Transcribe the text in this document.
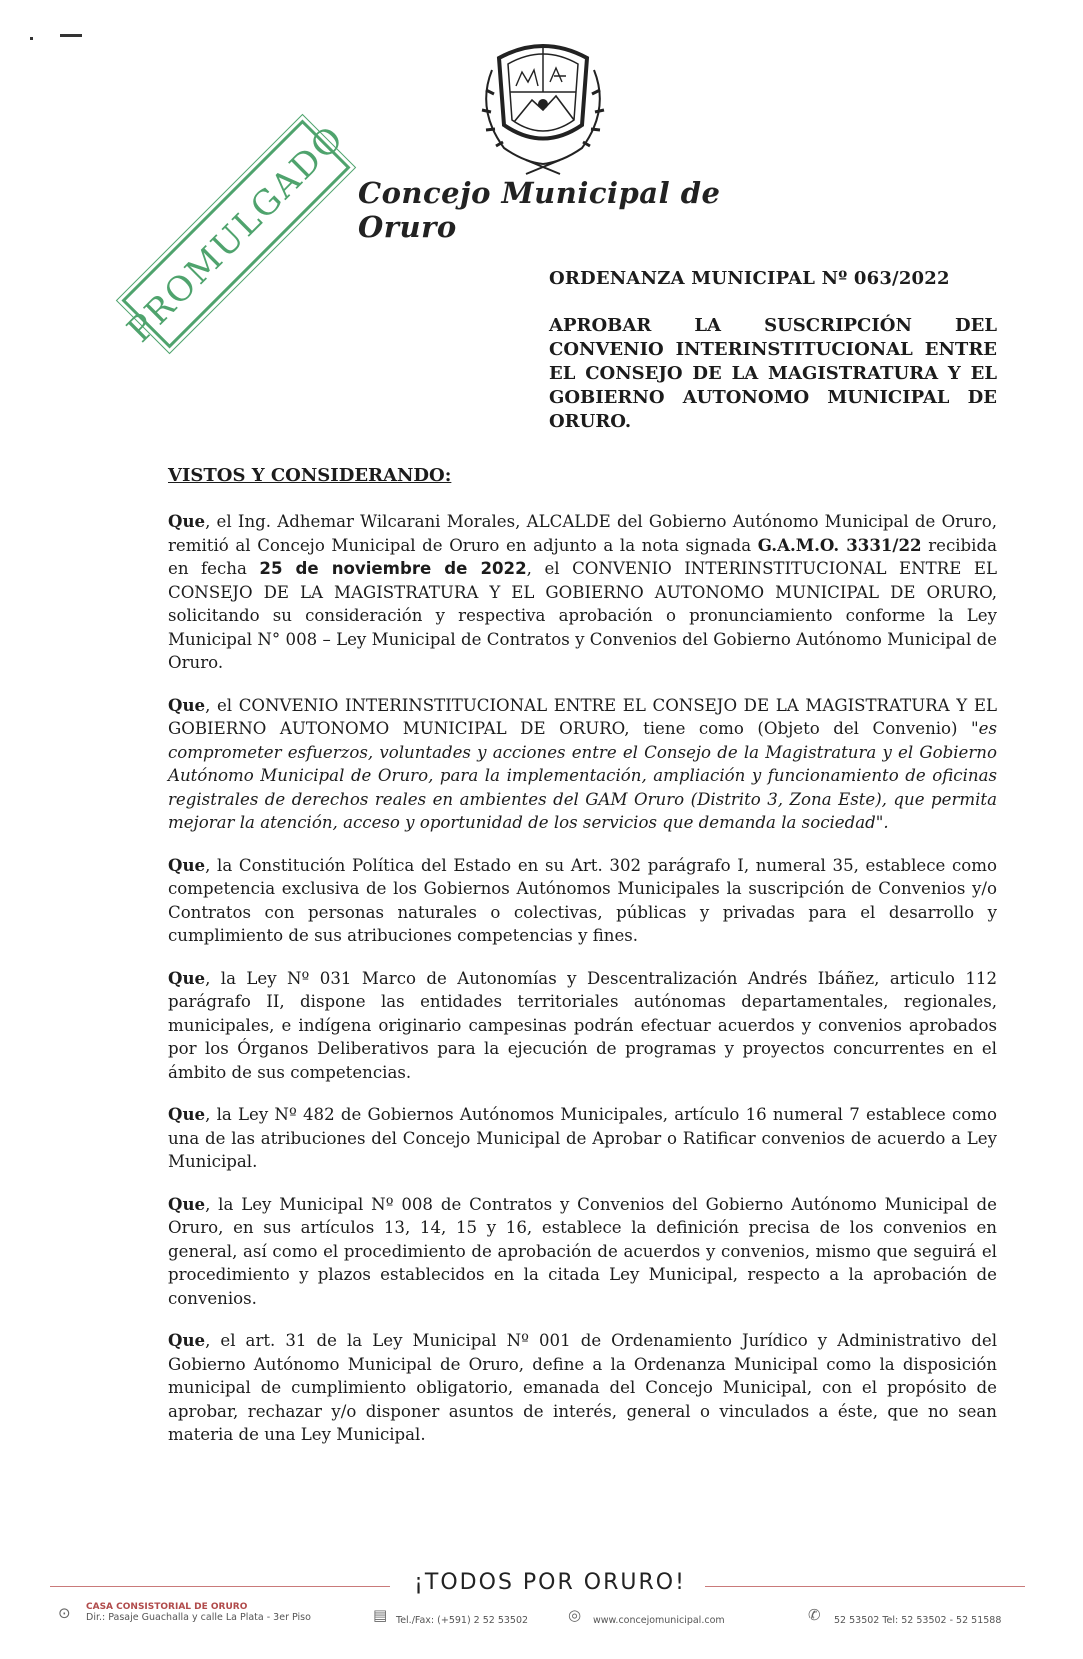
Concejo Municipal de Oruro
PROMULGADO	ORDENANZA MUNICIPAL Nº 063/2022
APROBAR LA SUSCRIPCIÓN DEL CONVENIO INTERINSTITUCIONAL ENTRE EL CONSEJO DE LA MAGISTRATURA Y EL GOBIERNO AUTONOMO MUNICIPAL DE ORURO.
VISTOS Y CONSIDERANDO:

Que, el Ing. Adhemar Wilcarani Morales, ALCALDE del Gobierno Autónomo Municipal de Oruro, remitió al Concejo Municipal de Oruro en adjunto a la nota signada G.A.M.O. 3331/22 recibida en fecha 25 de noviembre de 2022, el CONVENIO INTERINSTITUCIONAL ENTRE EL CONSEJO DE LA MAGISTRATURA Y EL GOBIERNO AUTONOMO MUNICIPAL DE ORURO, solicitando su consideración y respectiva aprobación o pronunciamiento conforme la Ley Municipal N° 008 – Ley Municipal de Contratos y Convenios del Gobierno Autónomo Municipal de Oruro.

Que, el CONVENIO INTERINSTITUCIONAL ENTRE EL CONSEJO DE LA MAGISTRATURA Y EL GOBIERNO AUTONOMO MUNICIPAL DE ORURO, tiene como (Objeto del Convenio) "es comprometer esfuerzos, voluntades y acciones entre el Consejo de la Magistratura y el Gobierno Autónomo Municipal de Oruro, para la implementación, ampliación y funcionamiento de oficinas registrales de derechos reales en ambientes del GAM Oruro (Distrito 3, Zona Este), que permita mejorar la atención, acceso y oportunidad de los servicios que demanda la sociedad".

Que, la Constitución Política del Estado en su Art. 302 parágrafo I, numeral 35, establece como competencia exclusiva de los Gobiernos Autónomos Municipales la suscripción de Convenios y/o Contratos con personas naturales o colectivas, públicas y privadas para el desarrollo y cumplimiento de sus atribuciones competencias y fines.

Que, la Ley Nº 031 Marco de Autonomías y Descentralización Andrés Ibáñez, articulo 112 parágrafo II, dispone las entidades territoriales autónomas departamentales, regionales, municipales, e indígena originario campesinas podrán efectuar acuerdos y convenios aprobados por los Órganos Deliberativos para la ejecución de programas y proyectos concurrentes en el ámbito de sus competencias.

Que, la Ley Nº 482 de Gobiernos Autónomos Municipales, artículo 16 numeral 7 establece como una de las atribuciones del Concejo Municipal de Aprobar o Ratificar convenios de acuerdo a Ley Municipal.

Que, la Ley Municipal Nº 008 de Contratos y Convenios del Gobierno Autónomo Municipal de Oruro, en sus artículos 13, 14, 15 y 16, establece la definición precisa de los convenios en general, así como el procedimiento de aprobación de acuerdos y convenios, mismo que seguirá el procedimiento y plazos establecidos en la citada Ley Municipal, respecto a la aprobación de convenios.

Que, el art. 31 de la Ley Municipal Nº 001 de Ordenamiento Jurídico y Administrativo del Gobierno Autónomo Municipal de Oruro, define a la Ordenanza Municipal como la disposición municipal de cumplimiento obligatorio, emanada del Concejo Municipal, con el propósito de aprobar, rechazar y/o disponer asuntos de interés, general o vinculados a éste, que no sean materia de una Ley Municipal.

¡TODOS POR ORURO!
⊙ CASA CONSISTORIAL DE ORURO
Dir.: Pasaje Guachalla y calle La Plata - 3er Piso	▤ Tel./Fax: (+591) 2 52 53502	◎ www.concejomunicipal.com	✆ 52 53502 Tel: 52 53502 - 52 51588
